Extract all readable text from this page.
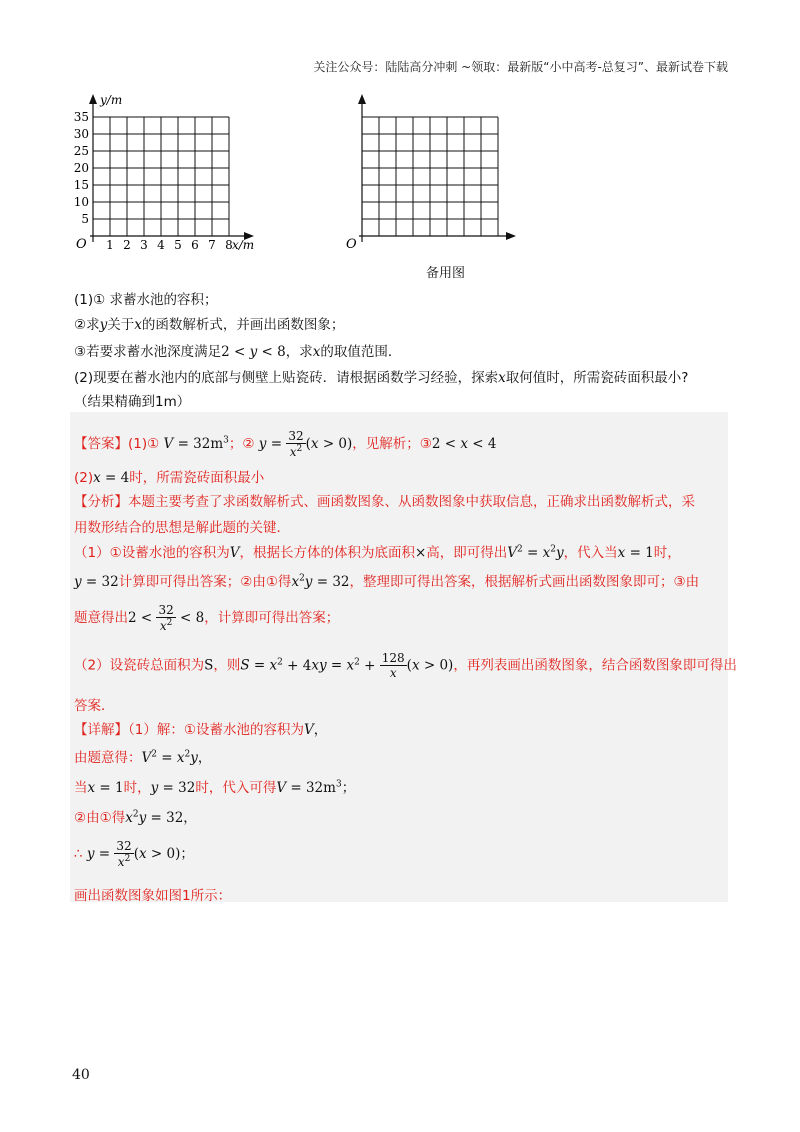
关注公众号：陆陆高分冲刺 ~领取：最新版“小中高考-总复习”、最新试卷下载
y/m
x/m
O
35
30
25
20
15
10
5
1 2 3 4 5 6 7 8	O
备用图
(1)① 求蓄水池的容积；
②求y关于x的函数解析式，并画出函数图象；
③若要求蓄水池深度满足2 < y < 8，求x的取值范围．
(2)现要在蓄水池内的底部与侧壁上贴瓷砖．请根据函数学习经验，探索x取何值时，所需瓷砖面积最小?
（结果精确到1m）
【答案】(1)① $V = 32m^3$；② $y = \frac{32}{x^2} (x > 0)$，见解析；③2 < x < 4
(2)x = 4时，所需瓷砖面积最小
【分析】本题主要考查了求函数解析式、画函数图象、从函数图象中获取信息，正确求出函数解析式，采
用数形结合的思想是解此题的关键．
（1）①设蓄水池的容积为V，根据长方体的体积为底面积×高，即可得出$V^2 = x^2y$，代入当x = 1时，
y = 32计算即可得出答案；②由①得$x^2y = 32$，整理即可得出答案，根据解析式画出函数图象即可；③由
题意得出$2 < \frac{32}{x^2} < 8$，计算即可得出答案；
（2）设瓷砖总面积为S，则$S = x^2 + 4xy = x^2 + \frac{128}{x} (x > 0)$，再列表画出函数图象，结合函数图象即可得出
答案．
【详解】（1）解：①设蓄水池的容积为V，
由题意得：$V^2 = x^2y$，
当x = 1时，y = 32时，代入可得$V = 32m^3$；
②由①得$x^2y = 32$，
∴ $y = \frac{32}{x^2} (x > 0)$；
画出函数图象如图1所示：
40
